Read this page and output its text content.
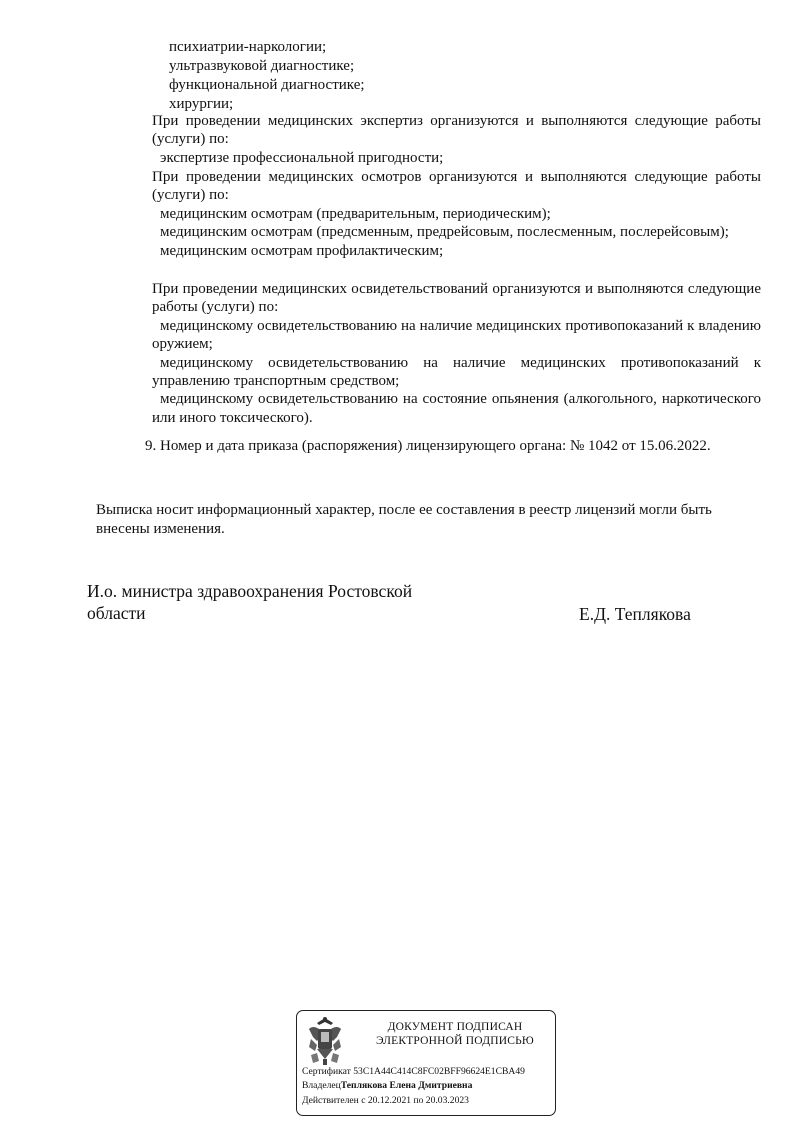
психиатрии-наркологии;
ультразвуковой диагностике;
функциональной диагностике;
хирургии;
При проведении медицинских экспертиз организуются и выполняются следующие работы (услуги) по:
экспертизе профессиональной пригодности;
При проведении медицинских осмотров организуются и выполняются следующие работы (услуги) по:
медицинским осмотрам (предварительным, периодическим);
медицинским осмотрам (предсменным, предрейсовым, послесменным, послерейсовым);
медицинским осмотрам профилактическим;
При проведении медицинских освидетельствований организуются и выполняются следующие работы (услуги) по:
медицинскому освидетельствованию на наличие медицинских противопоказаний к владению оружием;
медицинскому освидетельствованию на наличие медицинских противопоказаний к управлению транспортным средством;
медицинскому освидетельствованию на состояние опьянения (алкогольного, наркотического или иного токсического).
9. Номер и дата приказа (распоряжения) лицензирующего органа: № 1042 от 15.06.2022.
Выписка носит информационный характер, после ее составления в реестр лицензий могли быть внесены изменения.
И.о. министра здравоохранения Ростовской
области	Е.Д. Теплякова
ДОКУМЕНТ ПОДПИСАН
ЭЛЕКТРОННОЙ ПОДПИСЬЮ
Сертификат 53C1A44C414C8FC02BFF96624E1CBA49
ВладелецТеплякова Елена Дмитриевна
Действителен с 20.12.2021 по 20.03.2023
